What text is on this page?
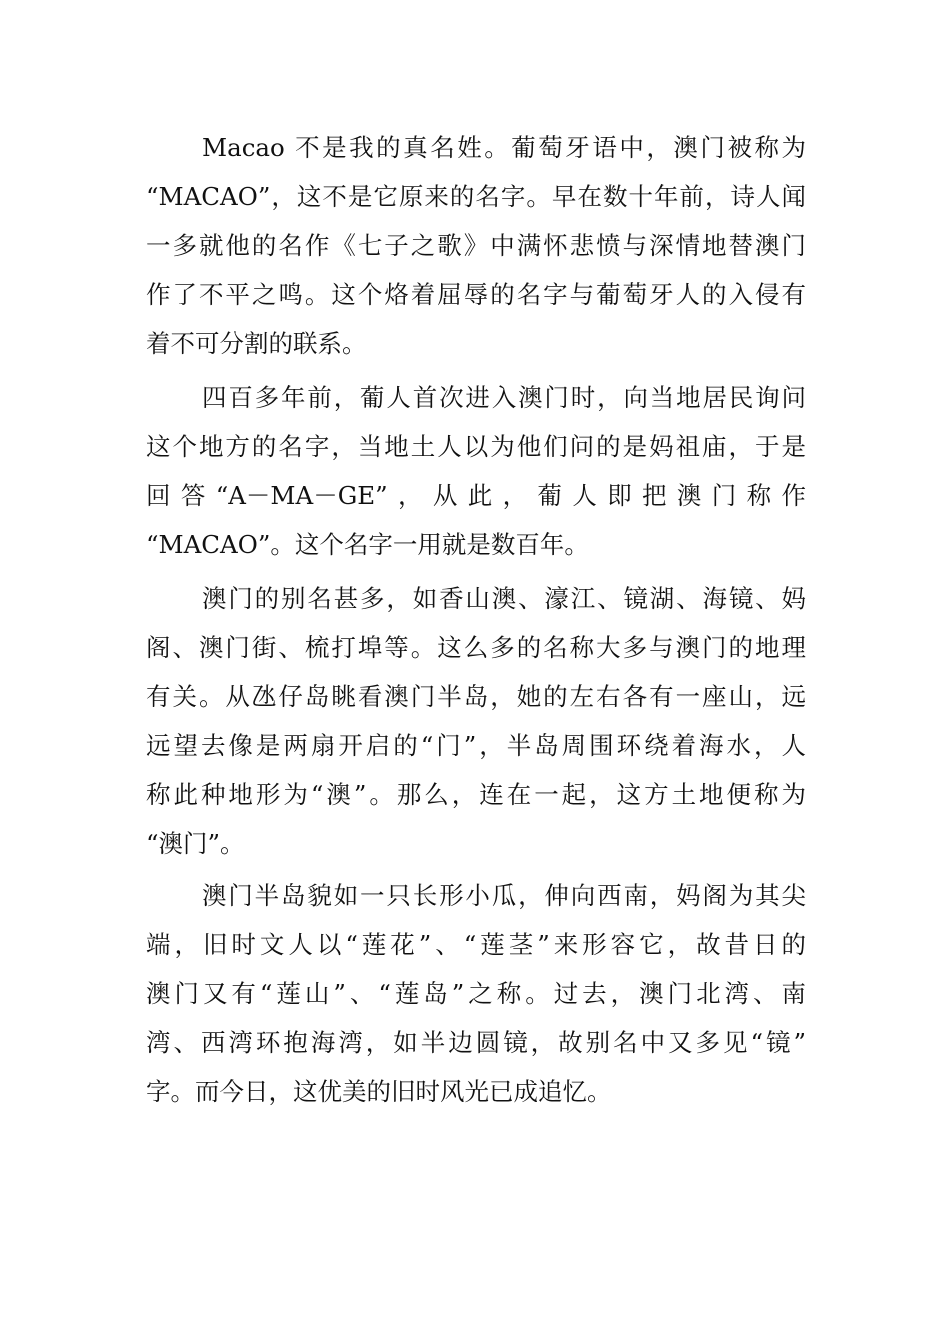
Macao 不是我的真名姓。葡萄牙语中，澳门被称为
“MACAO”，这不是它原来的名字。早在数十年前，诗人闻
一多就他的名作《七子之歌》中满怀悲愤与深情地替澳门
作了不平之鸣。这个烙着屈辱的名字与葡萄牙人的入侵有
着不可分割的联系。
四百多年前，葡人首次进入澳门时，向当地居民询问
这个地方的名字，当地土人以为他们问的是妈祖庙，于是
回答“A－MA－GE”，从此，葡人即把澳门称作
“MACAO”。这个名字一用就是数百年。
澳门的别名甚多，如香山澳、濠江、镜湖、海镜、妈
阁、澳门街、梳打埠等。这么多的名称大多与澳门的地理
有关。从氹仔岛眺看澳门半岛，她的左右各有一座山，远
远望去像是两扇开启的“门”，半岛周围环绕着海水，人
称此种地形为“澳”。那么，连在一起，这方土地便称为
“澳门”。
澳门半岛貌如一只长形小瓜，伸向西南，妈阁为其尖
端，旧时文人以“莲花”、“莲茎”来形容它，故昔日的
澳门又有“莲山”、“莲岛”之称。过去，澳门北湾、南
湾、西湾环抱海湾，如半边圆镜，故别名中又多见“镜”
字。而今日，这优美的旧时风光已成追忆。
